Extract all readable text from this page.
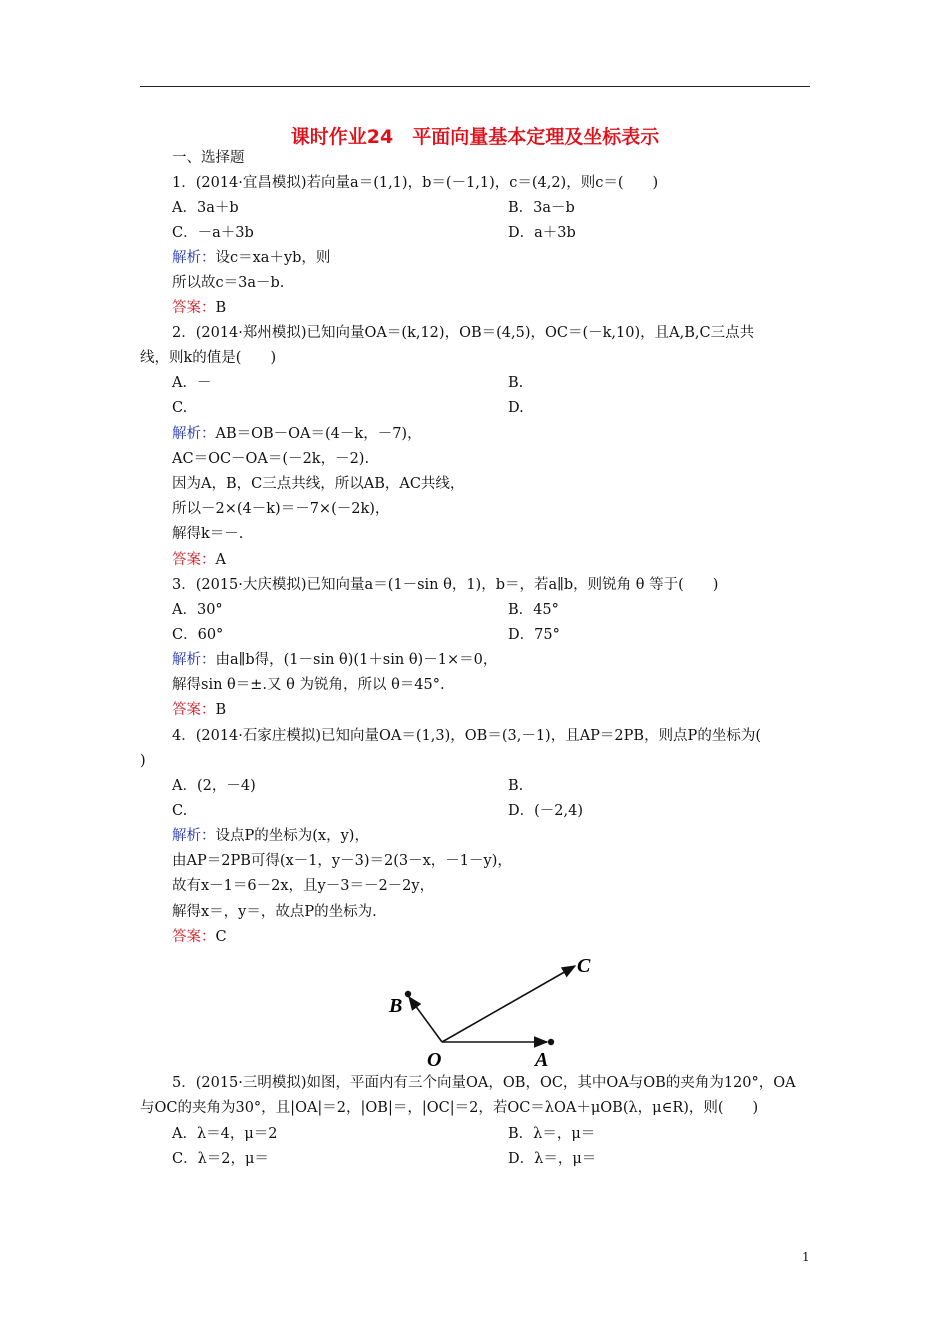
课时作业24　平面向量基本定理及坐标表示
一、选择题
1．(2014·宜昌模拟)若向量a＝(1,1)，b＝(－1,1)，c＝(4,2)，则c＝(　　)
A．3a＋b	B．3a－b
C．－a＋3b	D．a＋3b
解析：设c＝xa＋yb，则
所以故c＝3a－b.
答案：B
2．(2014·郑州模拟)已知向量OA＝(k,12)，OB＝(4,5)，OC＝(－k,10)，且A,B,C三点共
线，则k的值是(　　)
A．－	B.
C.	D.
解析：AB＝OB－OA＝(4－k，－7)，
AC＝OC－OA＝(－2k，－2).
因为A，B，C三点共线，所以AB，AC共线，
所以－2×(4－k)＝－7×(－2k)，
解得k＝－.
答案：A
3．(2015·大庆模拟)已知向量a＝(1－sin θ，1)，b＝，若a∥b，则锐角 θ 等于(　　)
A．30°	B．45°
C．60°	D．75°
解析：由a∥b得，(1－sin θ)(1＋sin θ)－1×＝0，
解得sin θ＝±.又 θ 为锐角，所以 θ＝45°.
答案：B
4．(2014·石家庄模拟)已知向量OA＝(1,3)，OB＝(3,－1)，且AP＝2PB，则点P的坐标为(
)
A．(2，－4)	B.
C.	D．(－2,4)
解析：设点P的坐标为(x，y)，
由AP＝2PB可得(x－1，y－3)＝2(3－x，－1－y)，
故有x－1＝6－2x，且y－3＝－2－2y，
解得x＝，y＝，故点P的坐标为.
答案：C
O	A
B
C
5．(2015·三明模拟)如图，平面内有三个向量OA，OB，OC，其中OA与OB的夹角为120°，OA
与OC的夹角为30°，且|OA|＝2，|OB|＝，|OC|＝2，若OC＝λOA＋μOB(λ，μ∈R)，则(　　)
A．λ＝4，μ＝2	B．λ＝，μ＝
C．λ＝2，μ＝	D．λ＝，μ＝
1
